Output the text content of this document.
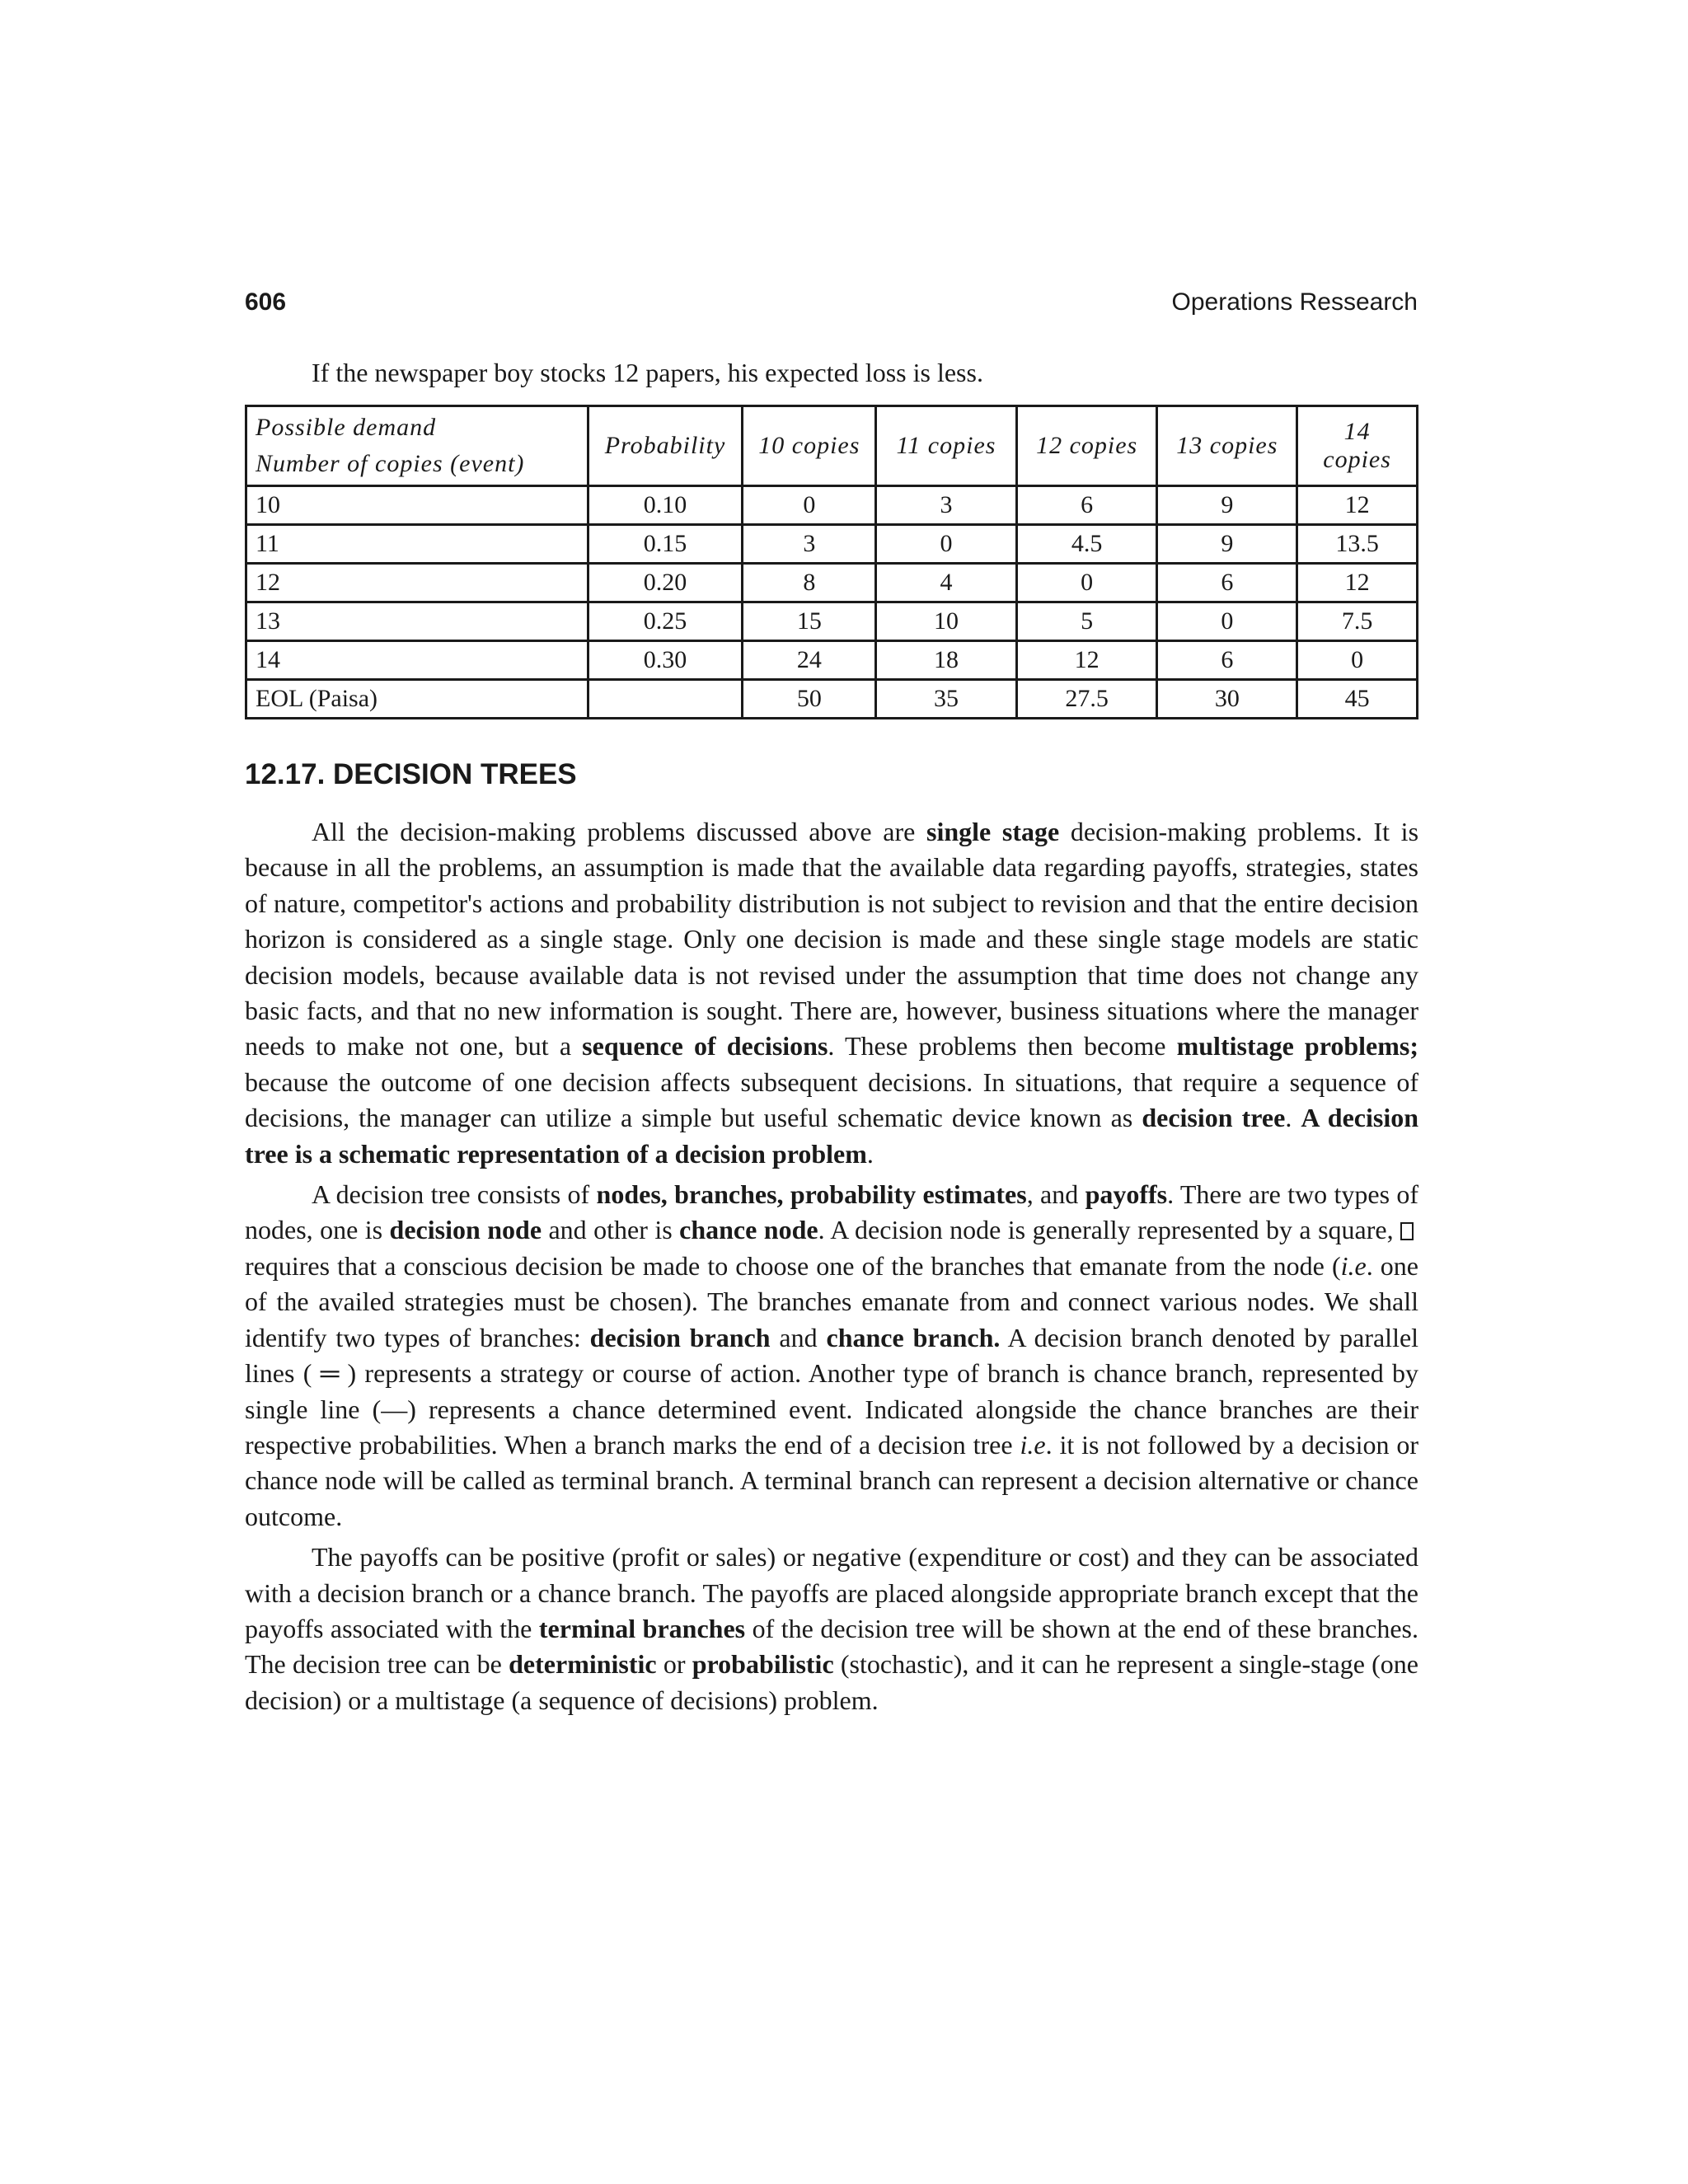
606	Operations Ressearch
If the newspaper boy stocks 12 papers, his expected loss is less.
Possible demand
Number of copies (event)	Probability	10 copies	11 copies	12 copies	13 copies	14 copies
10	0.10	0	3	6	9	12
11	0.15	3	0	4.5	9	13.5
12	0.20	8	4	0	6	12
13	0.25	15	10	5	0	7.5
14	0.30	24	18	12	6	0
EOL (Paisa)		50	35	27.5	30	45
12.17. DECISION TREES

All the decision-making problems discussed above are single stage decision-making problems. It is because in all the problems, an assumption is made that the available data regarding payoffs, strategies, states of nature, competitor's actions and probability distribution is not subject to revision and that the entire decision horizon is considered as a single stage. Only one decision is made and these single stage models are static decision models, because available data is not revised under the assumption that time does not change any basic facts, and that no new information is sought. There are, however, business situations where the manager needs to make not one, but a sequence of decisions. These problems then become multistage problems; because the outcome of one decision affects subsequent decisions. In situations, that require a sequence of decisions, the manager can utilize a simple but useful schematic device known as decision tree. A decision tree is a schematic representation of a decision problem.

A decision tree consists of nodes, branches, probability estimates, and payoffs. There are two types of nodes, one is decision node and other is chance node. A decision node is generally represented by a square, requires that a conscious decision be made to choose one of the branches that emanate from the node (i.e. one of the availed strategies must be chosen). The branches emanate from and connect various nodes. We shall identify two types of branches: decision branch and chance branch. A decision branch denoted by parallel lines ( ═ ) represents a strategy or course of action. Another type of branch is chance branch, represented by single line (—) represents a chance determined event. Indicated alongside the chance branches are their respective probabilities. When a branch marks the end of a decision tree i.e. it is not followed by a decision or chance node will be called as terminal branch. A terminal branch can represent a decision alternative or chance outcome.

The payoffs can be positive (profit or sales) or negative (expenditure or cost) and they can be associated with a decision branch or a chance branch. The payoffs are placed alongside appropriate branch except that the payoffs associated with the terminal branches of the decision tree will be shown at the end of these branches. The decision tree can be deterministic or probabilistic (stochastic), and it can he represent a single-stage (one decision) or a multistage (a sequence of decisions) problem.
